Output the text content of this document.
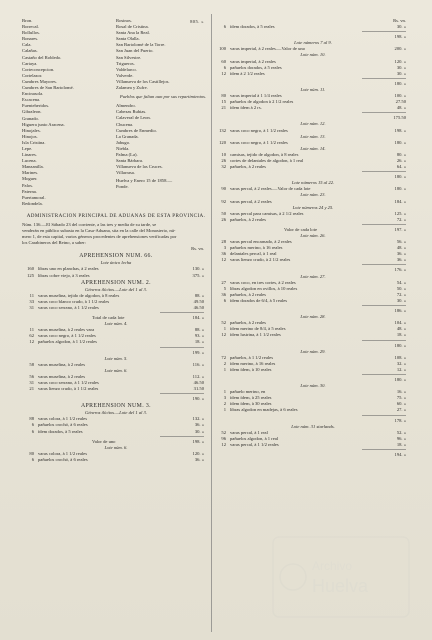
Bron.
Borrecal.
Bollullos.
Bonares.
Cala.
Calañas.
Castaño del Robledo.
Cartaya.
Corteconcepcion.
Cortelazor.
Cumbres Mayores.
Cumbres de San Bartolomé.
Encinasola.
Escacena.
Fuenteheridos.
Gibraleon.
Granado.
Higuera junto Aracena.
Hinojales.
Hinojos.
Isla Cristina.
Lepe.
Linares.
Lucena.
Manzanilla.
Marines.
Moguer.
Palos.
Paterna.
Puertamoral.
Redondela.
Rosinos.
Rosal de Cristina.
Santa Ana la Real.
Santa Olalla.
San Bartolomé de la Torre.
San Juan del Puerto.
San Silvestre.
Trigueros.
Valdelarco.
Valverde.
Villanueva de los Castillejos.
Zalamea y Zufre.
Pueblos que faltan aun por sus repartimientos.
Almendro.
Cabezas Rubias.
Calaveral de Leon.
Chucena.
Cumbres de Enmedio.
La Granada.
Jabugo.
Niebla.
Palma (La).
Santa Bárbara.
Villanueva de las Cruces.
Villarrasa.
Huelva y Enero 15 de 1858.—
Ponde.
ADMINISTRACION PRINCIPAL DE ADUANAS DE ESTA PROVINCIA.
Núm. 136.—El Sábado 23 del corriente, a las tres y media de su tarde, se
venderán en público subasta en la Casa-Aduana, sita en la calle del Monasterio, nú-
mero 1, de esta capital, varios géneros procedentes de aprehensiones verificadas por
los Carabineros del Reino, a saber:
Rs. vn.

APREHENSION NUM. 66.
Lote único lecha
160 libras uno en planchas, à 2 reales	130. »
125 libras cobre viejo, à 3 reales	375. »
APREHENSION NUM. 2.
805. »
Géneros ilícitos.—Lote del 1 al 3.
11 varas muselina, tejido de algodon, à 8 reales	88. »
33 varas coco blanco crudo, à 1 1/2 reales	49.50
31 varas coco serrano, à 1 1/2 reales	46.50
Total de cada lote	184. »
Lote núm. 4.
11 varas muselina, à 2 reales vara	88. »
62 varas coco negro, à 1 1/2 reales	93. »
12 pañuelos algodon, à 1 1/2 reales	18. »
199. »
Lote núm. 5.
58 varas muselina, à 2 reales	116. »
Lote núm. 6.
56 varas muselina, à 2 reales	112. »
31 varas coco serrano, à 1 1/2 reales	46.50
21 varas lienzo crudo, à 1 1/2 reales	31.50
190. »
APREHENSION NUM. 3.
Géneros ilícitos.—Lote del 1 al 3.
88 varas colora, à 1 1/2 reales	132. »
6 pañuelos crochó, à 6 reales	36. »
6 ídem dorados, à 5 reales	30. »
Valor de uno	198. »
Lote núm. 6.
80 varas colora, à 1 1/2 reales	120. »
6 pañuelos crochó, à 6 reales	36. »
Rs. vn.

6 ídem dorados, à 5 reales	30. »
198. »
Lote números 7 al 9.
100 varas imperial, à 2 reales.—Valor de uno	200. »
Lote núm. 10.
60 varas imperial, à 2 reales	120. »
6 pañuelos dorados, à 5 reales	30. »
12 ídem à 2 1/2 reales	30. »
180. »
Lote núm. 11.
80 varas imperial à 1 1/4 reales	100. »
15 pañuelos de algodon à 2 1/2 reales	27.50
21 ídem ídem à 2 rs.	48. »
175.50
Lote núm. 12.
132 varas coco negro, à 1 1/2 reales	198. »
Lote núm. 13.
120 varas coco negro, à 1 1/2 reales	180. »
Lote núm. 14.
10 camisas, tejido de algodon, à 8 reales	80. »
26 cortes de delantales de algodon, à 1 real	26. »
32 pañuelos, à 2 reales	64. »
180. »
Lote números 15 al 22.
90 varas percal, à 2 reales.—Valor de cada lote	180. »
Lote núm. 23.
92 varas percal, à 2 reales	184. »
Lote números 24 y 25.
50 varas percal para camisas, à 2 1/2 reales	125. »
26 pañuelos, à 2 reales	72. »
Valor de cada lote	197. »
Lote núm. 26.
28 varas percal encarnado, à 2 reales	56. »
3 pañuelos merino, à 16 reales	48. »
36 delantales percal, à 1 real	36. »
12 varas lienzo crudo, à 2 1/2 reales	36. »
176. »
Lote núm. 27.
27 varas coco, en tres cortes, à 2 reales	54. »
5 libras algodon en ovillos, à 10 reales	50. »
36 pañuelos, à 2 reales	72. »
6 ídem dorados de 6/4, à 5 reales	30. »
186. »
Lote núm. 28.
52 pañuelos, à 2 reales	104. »
1 ídem merino de 8/4, à 5 reales	48. »
12 ídem lustrina, à 1 1/2 reales	18. »
180. »
Lote núm. 29.
72 pañuelos, à 1 1/2 reales	108. »
2 ídem merino, à 16 reales	32. »
1 ídem ídem, à 10 reales	12. »
180. »
Lote núm. 30.
1 pañuelo merino, en	16. »
3 ídem ídem, à 25 reales	75. »
2 ídem ídem, à 30 reales	60. »
1 libras algodon en madejas, à 6 reales	27. »
178. »
Lote núm. 31 starlands.
52 varas percal, à 1 real	52. »
96 pañuelos algodon, à 1 real	96. »
12 varas percal, à 1 1/2 reales	18. »
194. »
Archivo
Huelva
